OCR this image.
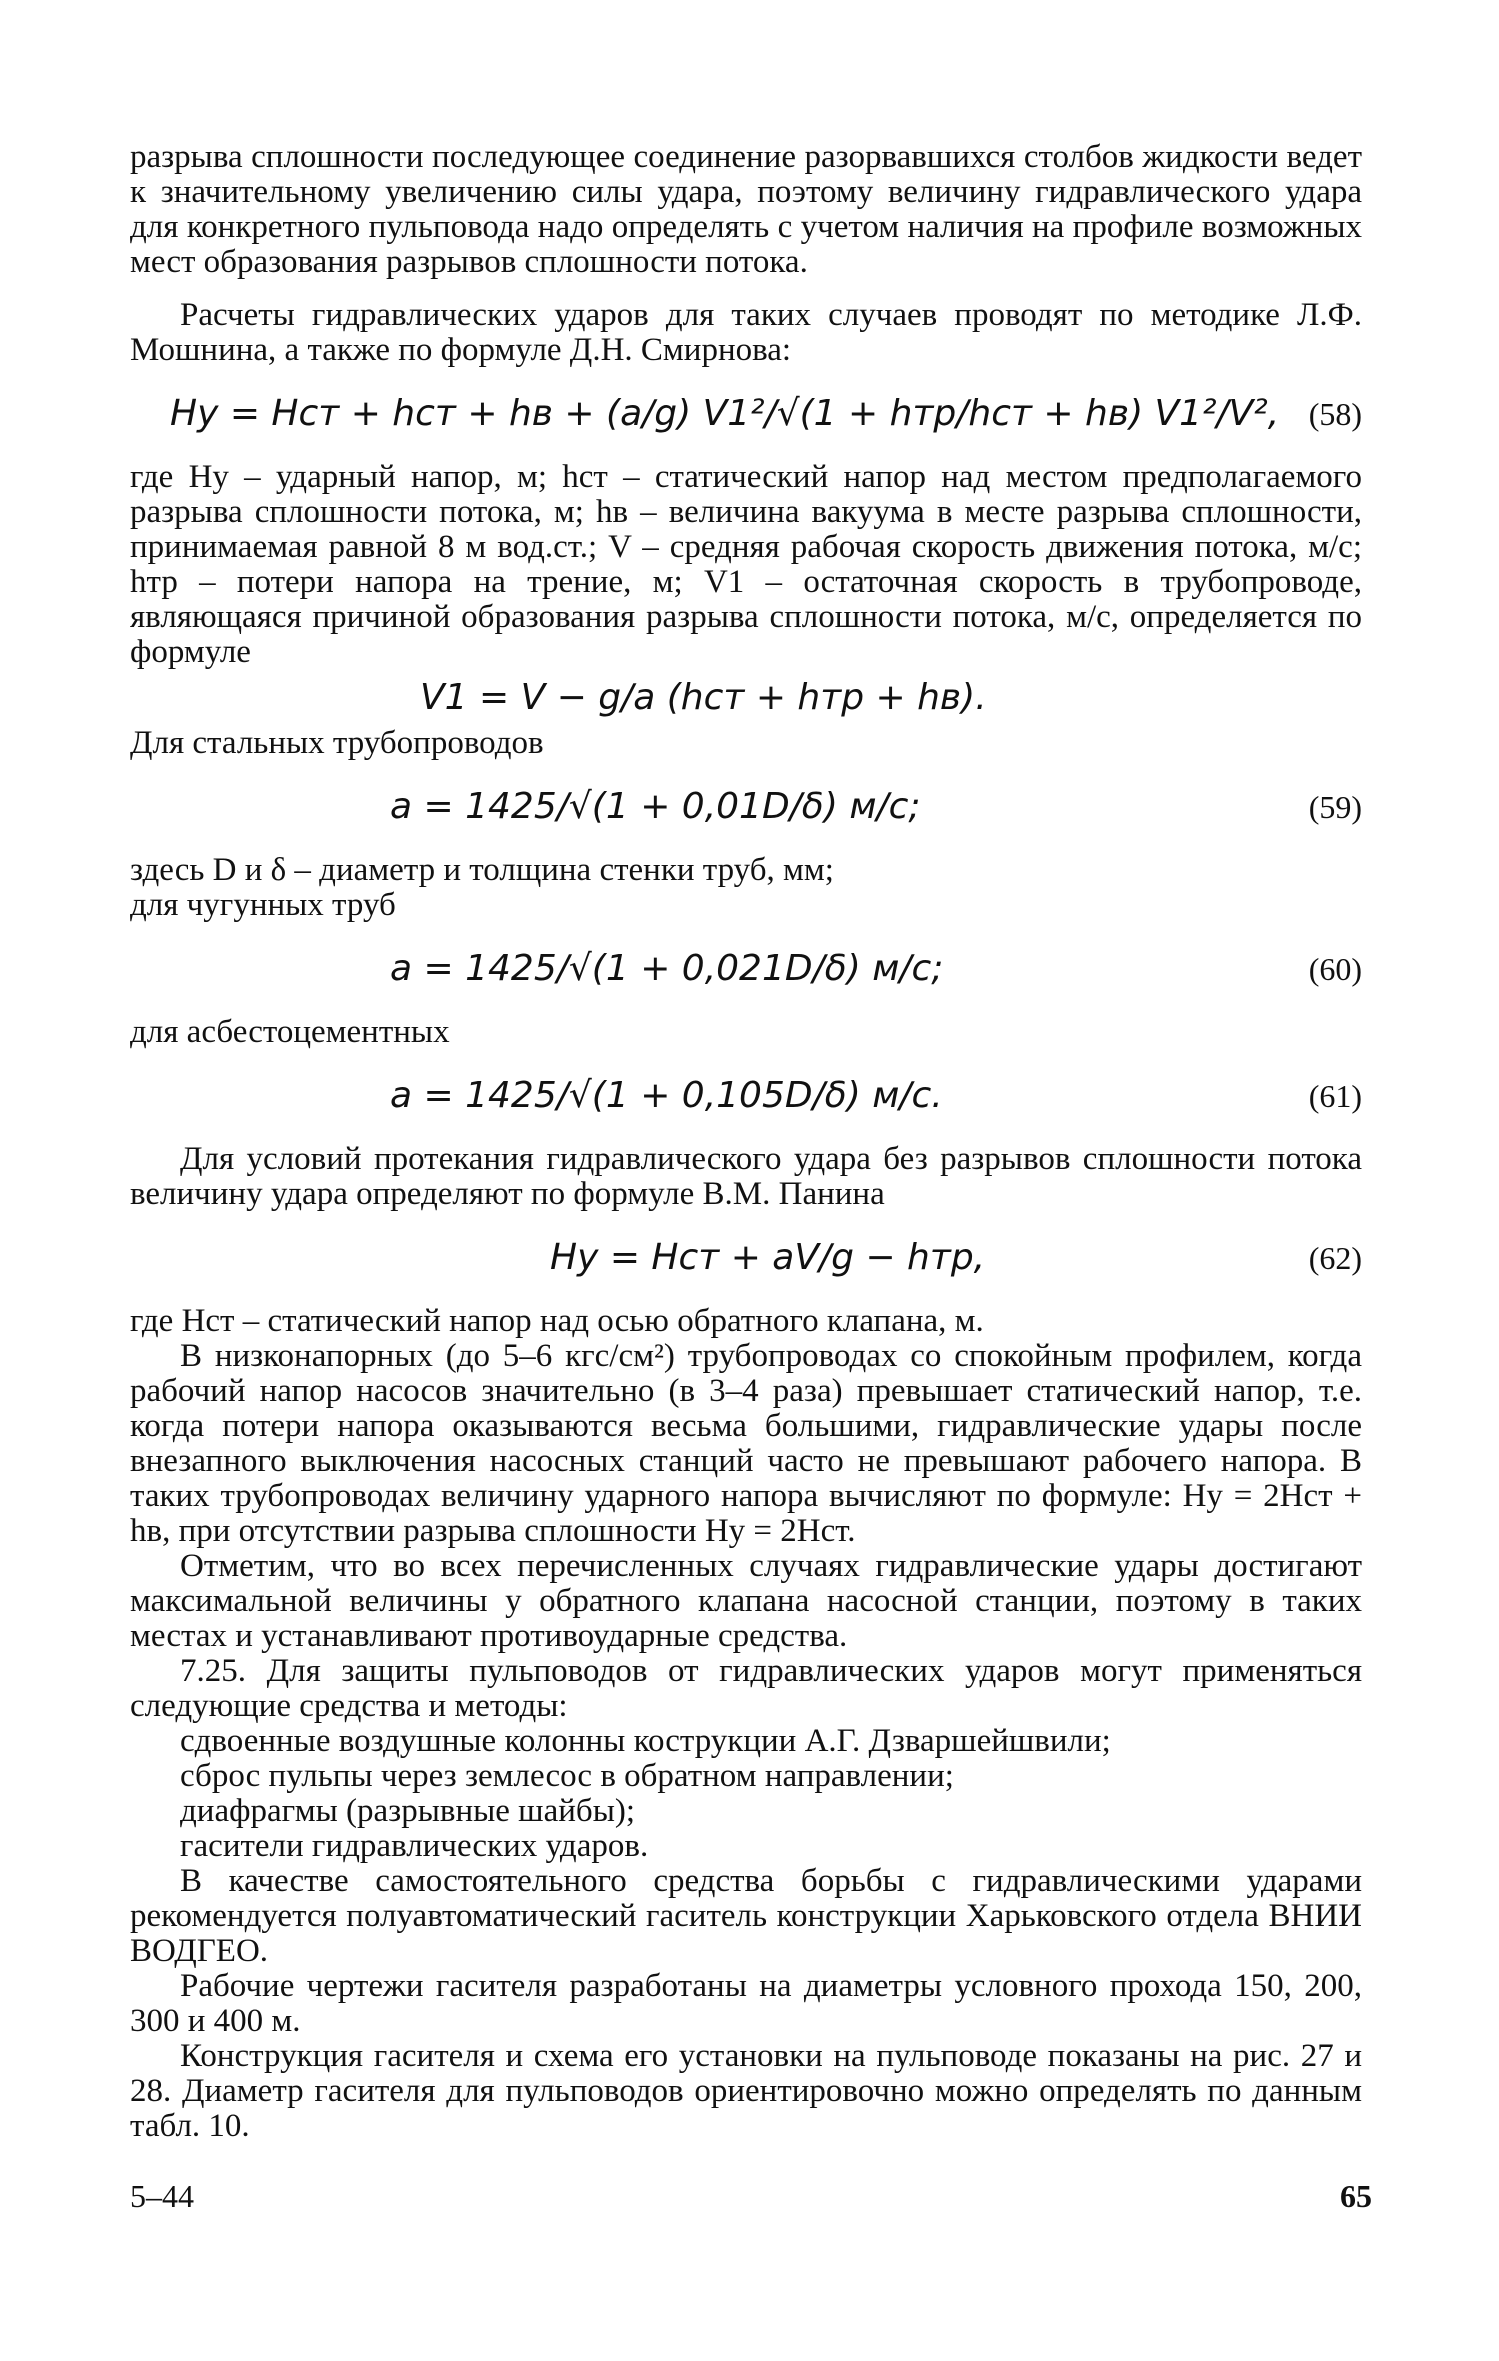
разрыва сплошности последующее соединение разорвавшихся столбов жидкости ведет к значительному увеличению силы удара, поэтому величину гидравлического удара для конкретного пульповода надо определять с учетом наличия на профиле возможных мест образования разрывов сплошности потока.

Расчеты гидравлических ударов для таких случаев проводят по методике Л.Ф. Мошнина, а также по формуле Д.Н. Смирнова:

Hу = Hст + hст + hв + (a/g) V1²/√(1 + hтр/hст + hв) V1²/V², (58)

где Hу – ударный напор, м; hст – статический напор над местом предполагаемого разрыва сплошности потока, м; hв – величина вакуума в месте разрыва сплошности, принимаемая равной 8 м вод.ст.; V – средняя рабочая скорость движения потока, м/с; hтр – потери напора на трение, м; V1 – остаточная скорость в трубопроводе, являющаяся причиной образования разрыва сплошности потока, м/с, определяется по формуле

V1 = V − g/a (hст + hтр + hв).

Для стальных трубопроводов

a = 1425/√(1 + 0,01D/δ) м/с;	(59)

здесь D и δ – диаметр и толщина стенки труб, мм;

для чугунных труб

a = 1425/√(1 + 0,021D/δ) м/с;	(60)

для асбестоцементных

a = 1425/√(1 + 0,105D/δ) м/с.	(61)

Для условий протекания гидравлического удара без разрывов сплошности потока величину удара определяют по формуле В.М. Панина

Hу = Hст + aV/g − hтр,	(62)

где Hст – статический напор над осью обратного клапана, м.

В низконапорных (до 5–6 кгс/см²) трубопроводах со спокойным профилем, когда рабочий напор насосов значительно (в 3–4 раза) превышает статический напор, т.е. когда потери напора оказываются весьма большими, гидравлические удары после внезапного выключения насосных станций часто не превышают рабочего напора. В таких трубопроводах величину ударного напора вычисляют по формуле: Hу = 2Hст + hв, при отсутствии разрыва сплошности Hу = 2Hст.

Отметим, что во всех перечисленных случаях гидравлические удары достигают максимальной величины у обратного клапана насосной станции, поэтому в таких местах и устанавливают противоударные средства.

7.25. Для защиты пульповодов от гидравлических ударов могут применяться следующие средства и методы:

сдвоенные воздушные колонны кострукции А.Г. Дзваршейшвили;

сброс пульпы через землесос в обратном направлении;

диафрагмы (разрывные шайбы);

гасители гидравлических ударов.

В качестве самостоятельного средства борьбы с гидравлическими ударами рекомендуется полуавтоматический гаситель конструкции Харьковского отдела ВНИИ ВОДГЕО.

Рабочие чертежи гасителя разработаны на диаметры условного прохода 150, 200, 300 и 400 м.

Конструкция гасителя и схема его установки на пульповоде показаны на рис. 27 и 28. Диаметр гасителя для пульповодов ориентировочно можно определять по данным табл. 10.

5–44	65
